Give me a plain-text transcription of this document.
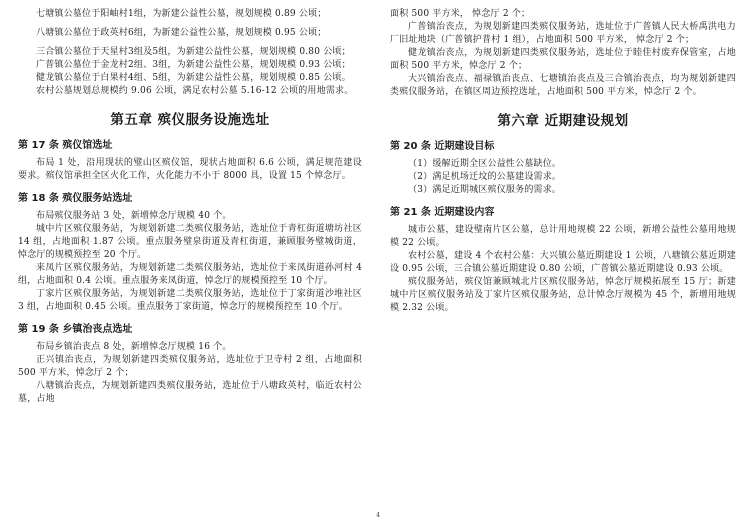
七塘镇公墓位于阳岫村1组，为新建公益性公墓，规划规模 0.89 公顷；

八塘镇公墓位于政英村6组，为新建公益性公墓，规划规模 0.95 公顷；

三合镇公墓位于天星村3组及5组，为新建公益性公墓，规划规模 0.80 公顷；

广普镇公墓位于金龙村2组、3组，为新建公益性公墓，规划规模 0.93 公顷；

健龙镇公墓位于白果村4组、5组，为新建公益性公墓，规划规模 0.85 公顷。

农村公墓规划总规模约 9.06 公顷，满足农村公墓 5.16-12 公顷的用地需求。

第五章 殡仪服务设施选址
第 17 条 殡仪馆选址

布局 1 处，沿用现状的璧山区殡仪馆，现状占地面积 6.6 公顷，满足规范建设要求。殡仪馆承担全区火化工作，火化能力不小于 8000 具，设置 15 个悼念厅。

第 18 条 殡仪服务站选址

布局殡仪服务站 3 处，新增悼念厅规模 40 个。

城中片区殡仪服务站，为规划新建二类殡仪服务站，选址位于青杠街道塘坊社区 14 组，占地面积 1.87 公顷。重点服务璧泉街道及青杠街道，兼顾服务璧城街道，悼念厅的规模预控至 20 个厅。

来凤片区殡仪服务站，为规划新建二类殡仪服务站，选址位于来凤街道孙河村 4 组，占地面积 0.4 公顷。重点服务来凤街道，悼念厅的规模预控至 10 个厅。

丁家片区殡仪服务站，为规划新建二类殡仪服务站，选址位于丁家街道沙堆社区 3 组，占地面积 0.45 公顷。重点服务丁家街道，悼念厅的规模预控至 10 个厅。

第 19 条 乡镇治丧点选址

布局乡镇治丧点 8 处，新增悼念厅规模 16 个。

正兴镇治丧点，为规划新建四类殡仪服务站，选址位于卫寺村 2 组，占地面积 500 平方米，悼念厅 2 个；

八塘镇治丧点，为规划新建四类殡仪服务站，选址位于八塘政英村，临近农村公墓，占地

面积 500 平方米， 悼念厅 2 个；

广普镇治丧点，为规划新建四类殡仪服务站，选址位于广普镇人民大桥禹洪电力厂旧址地块（广普镇护普村 1 组），占地面积 500 平方米， 悼念厅 2 个；

健龙镇治丧点，为规划新建四类殡仪服务站，选址位于睦佳村废弃保管室，占地面积 500 平方米，悼念厅 2 个；

大兴镇治丧点、福禄镇治丧点、七塘镇治丧点及三合镇治丧点，均为规划新建四类殡仪服务站，在镇区周边预控选址，占地面积 500 平方米，悼念厅 2 个。

第六章 近期建设规划
第 20 条 近期建设目标

（1）缓解近期全区公益性公墓缺位。

（2）满足机场迁坟的公墓建设需求。

（3）满足近期城区殡仪服务的需求。

第 21 条 近期建设内容

城市公墓，建设璧南片区公墓，总计用地规模 22 公顷，新增公益性公墓用地规模 22 公顷。

农村公墓，建设 4 个农村公墓：大兴镇公墓近期建设 1 公顷，八塘镇公墓近期建设 0.95 公顷，三合镇公墓近期建设 0.80 公顷，广普镇公墓近期建设 0.93 公顷。

殡仪服务站，殡仪馆兼顾城北片区殡仪服务站，悼念厅规模拓展至 15 厅；新建城中片区殡仪服务站及丁家片区殡仪服务站，总计悼念厅规模为 45 个，新增用地规模 2.32 公顷。

4
